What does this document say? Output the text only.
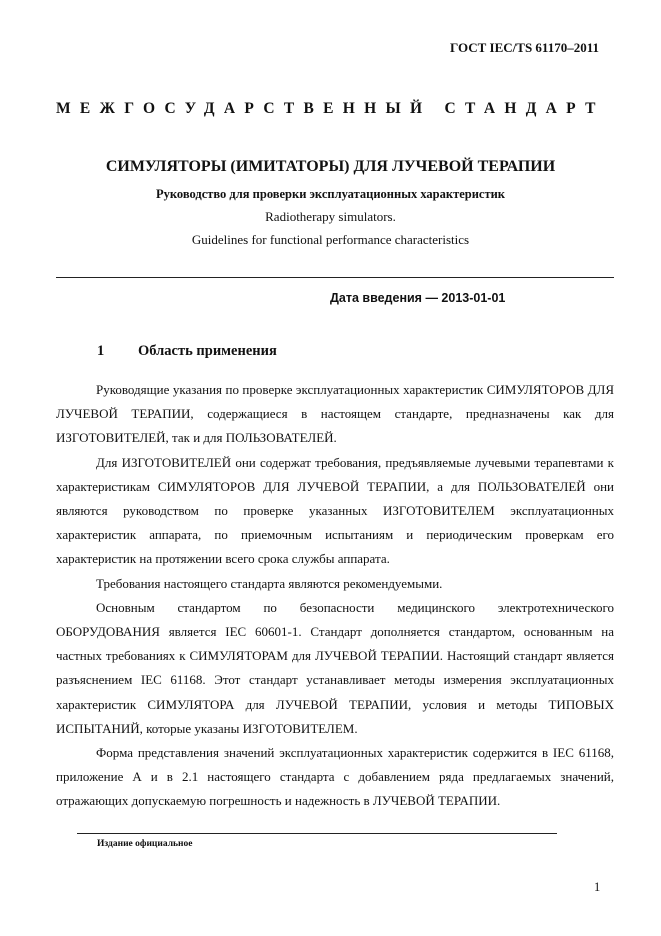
ГОСТ IEC/TS 61170–2011
МЕЖГОСУДАРСТВЕННЫЙ СТАНДАРТ
СИМУЛЯТОРЫ (ИМИТАТОРЫ) ДЛЯ ЛУЧЕВОЙ ТЕРАПИИ
Руководство для проверки эксплуатационных характеристик
Radiotherapy simulators.
Guidelines for functional performance characteristics
Дата введения — 2013-01-01
1 Область применения

Руководящие указания по проверке эксплуатационных характеристик СИМУЛЯТОРОВ ДЛЯ ЛУЧЕВОЙ ТЕРАПИИ, содержащиеся в настоящем стандарте, предназначены как для ИЗГОТОВИТЕЛЕЙ, так и для ПОЛЬЗОВАТЕЛЕЙ.

Для ИЗГОТОВИТЕЛЕЙ они содержат требования, предъявляемые лучевыми терапевтами к характеристикам СИМУЛЯТОРОВ ДЛЯ ЛУЧЕВОЙ ТЕРАПИИ, а для ПОЛЬЗОВАТЕЛЕЙ они являются руководством по проверке указанных ИЗГОТОВИТЕЛЕМ эксплуатационных характеристик аппарата, по приемочным испытаниям и периодическим проверкам его характеристик на протяжении всего срока службы аппарата.

Требования настоящего стандарта являются рекомендуемыми.

Основным стандартом по безопасности медицинского электротехнического ОБОРУДОВАНИЯ является IEC 60601-1. Стандарт дополняется стандартом, основанным на частных требованиях к СИМУЛЯТОРАМ для ЛУЧЕВОЙ ТЕРАПИИ. Настоящий стандарт является разъяснением IEC 61168. Этот стандарт устанавливает методы измерения эксплуатационных характеристик СИМУЛЯТОРА для ЛУЧЕВОЙ ТЕРАПИИ, условия и методы ТИПОВЫХ ИСПЫТАНИЙ, которые указаны ИЗГОТОВИТЕЛЕМ.

Форма представления значений эксплуатационных характеристик содержится в IEC 61168, приложение А и в 2.1 настоящего стандарта с добавлением ряда предлагаемых значений, отражающих допускаемую погрешность и надежность в ЛУЧЕВОЙ ТЕРАПИИ.

Издание официальное
1
